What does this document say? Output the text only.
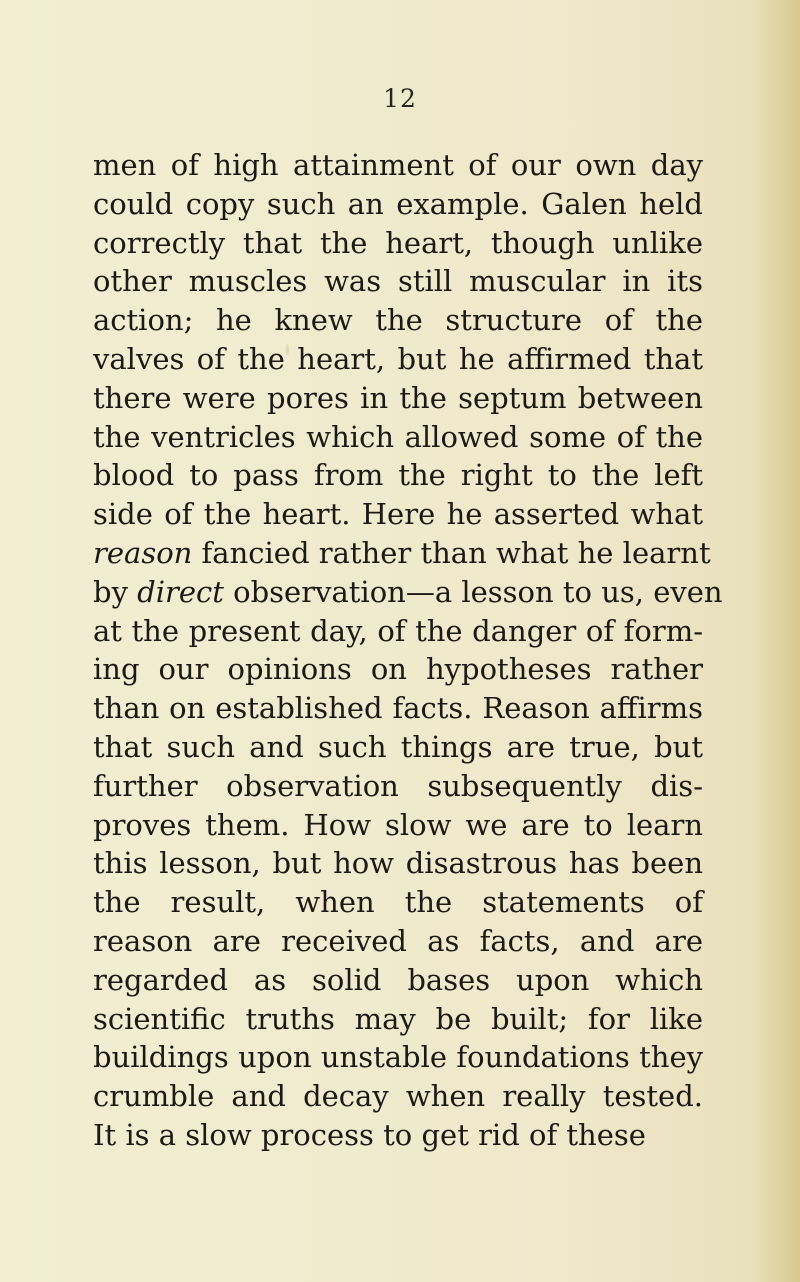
12
men of high attainment of our own day
could copy such an example. Galen held
correctly that the heart, though unlike
other muscles was still muscular in its
action; he knew the structure of the
valves of the heart, but he affirmed that
there were pores in the septum between
the ventricles which allowed some of the
blood to pass from the right to the left
side of the heart. Here he asserted what
reason fancied rather than what he learnt
by direct observation—a lesson to us, even
at the present day, of the danger of form-
ing our opinions on hypotheses rather
than on established facts. Reason affirms
that such and such things are true, but
further observation subsequently dis-
proves them. How slow we are to learn
this lesson, but how disastrous has been
the result, when the statements of
reason are received as facts, and are
regarded as solid bases upon which
scientific truths may be built; for like
buildings upon unstable foundations they
crumble and decay when really tested.
It is a slow process to get rid of these
